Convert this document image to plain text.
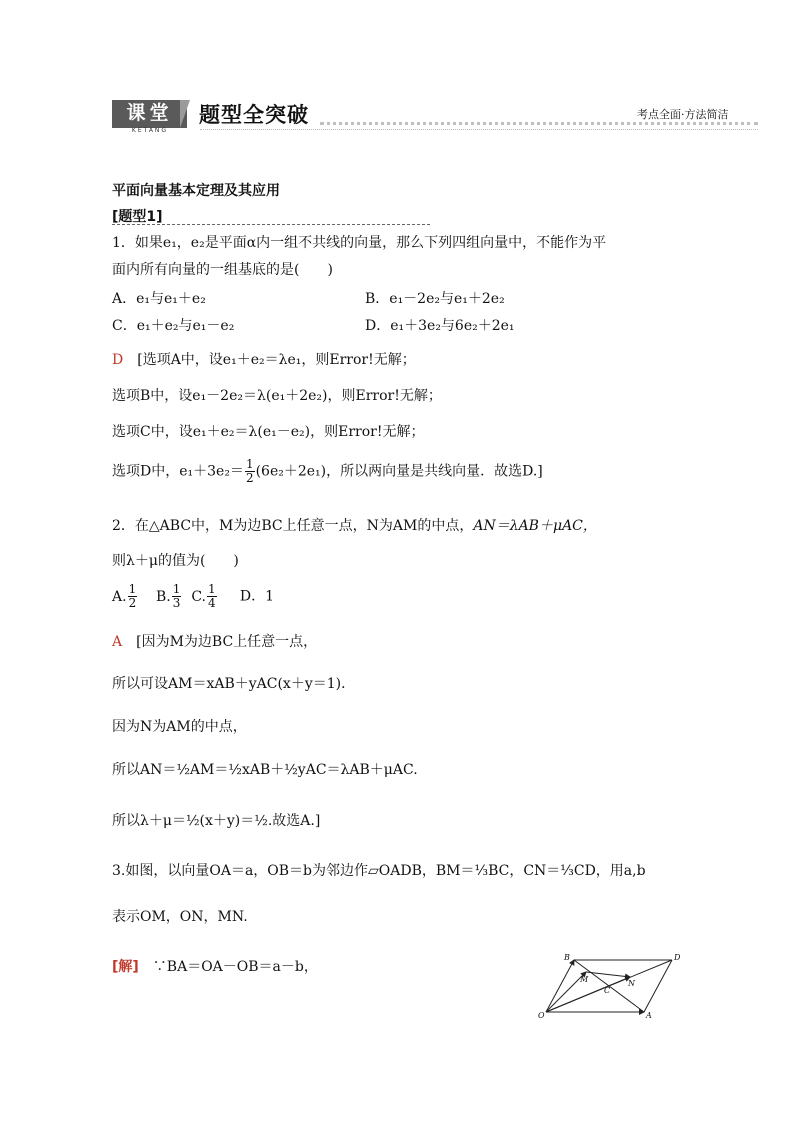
课堂
KETANG
题型全突破	考点全面·方法简洁
平面向量基本定理及其应用
[题型1]
1．如果e₁，e₂是平面α内一组不共线的向量，那么下列四组向量中，不能作为平
面内所有向量的一组基底的是(　　)
A．e₁与e₁＋e₂	B．e₁－2e₂与e₁＋2e₂
C．e₁＋e₂与e₁－e₂	D．e₁＋3e₂与6e₂＋2e₁
D　 [选项A中，设e₁＋e₂＝λe₁，则Error!无解；
选项B中，设e₁－2e₂＝λ(e₁＋2e₂)，则Error!无解；
选项C中，设e₁＋e₂＝λ(e₁－e₂)，则Error!无解；
选项D中，$e_1+3e_2= \frac{1}{2} (6e_2+2e_1)$，所以两向量是共线向量．故选D.]
2．在△ABC中，M为边BC上任意一点，N为AM的中点，AN＝λAB＋μAC，
则λ＋μ的值为(　　)
A. $\frac{1}{2} B$. $\frac{1}{3} C$. $\frac{1}{4}$ D．1
A　 [因为M为边BC上任意一点，
所以可设AM＝xAB＋yAC(x＋y＝1)．
因为N为AM的中点，
所以AN＝½AM＝½xAB＋½yAC＝λAB＋μAC.
所以λ＋μ＝½(x＋y)＝½.故选A.]
3.如图，以向量OA＝a，OB＝b为邻边作▱OADB，BM＝⅓BC，CN＝⅓CD，用a,b
表示OM，ON，MN.
[解]　 ∵BA＝OA－OB＝a－b，
B	D
M
C
N
O	A
